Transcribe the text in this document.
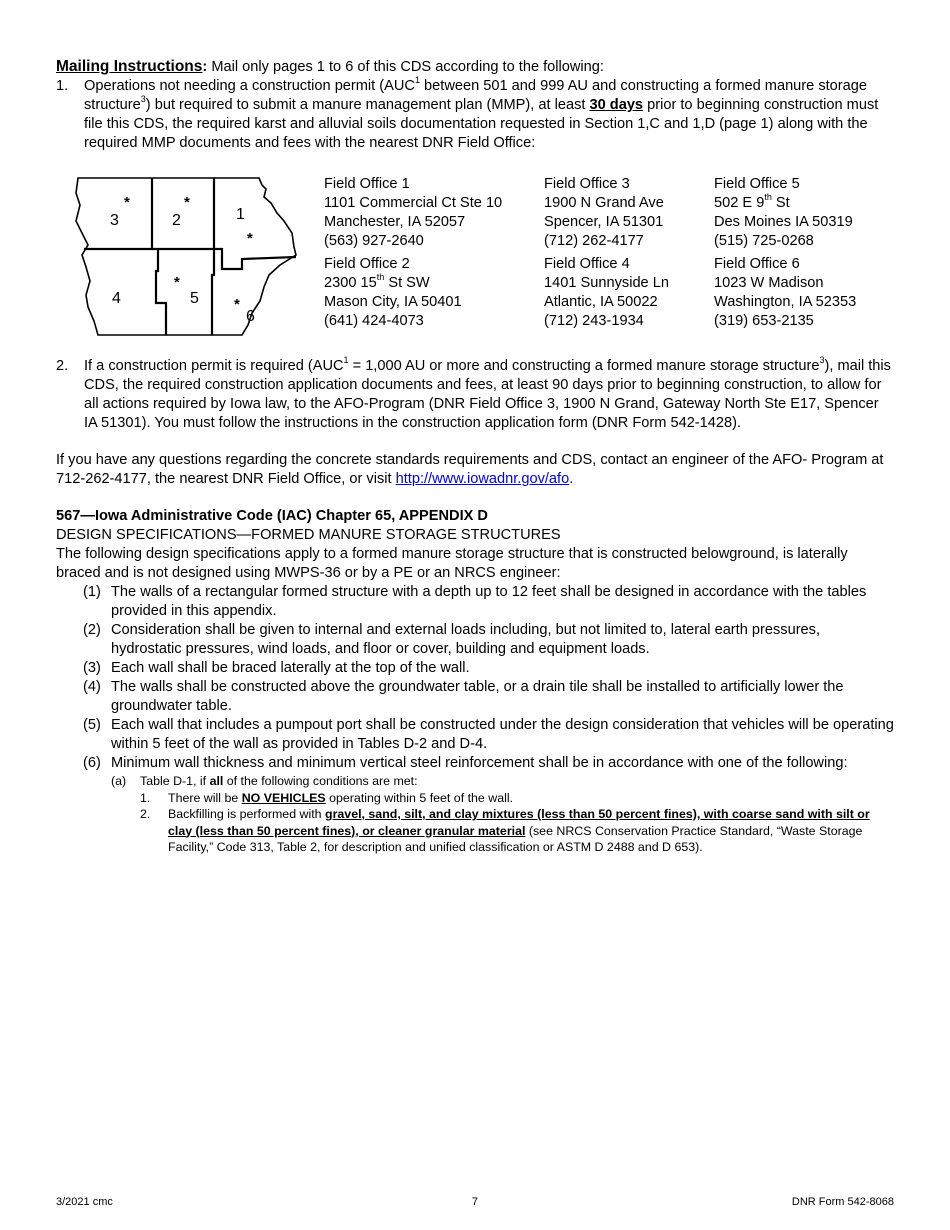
Mailing Instructions: Mail only pages 1 to 6 of this CDS according to the following:

1.	Operations not needing a construction permit (AUC$^1$ between 501 and 999 AU and constructing a formed manure storage structure$^3$) but required to submit a manure management plan (MMP), at least 30 days prior to beginning construction must file this CDS, the required karst and alluvial soils documentation requested in Section 1,C and 1,D (page 1) along with the required MMP documents and fees with the nearest DNR Field Office:
3	2	1
4	5
6
*	*
*
*
*
Field Office 1
1101 Commercial Ct Ste 10
Manchester, IA 52057
(563) 927-2640
Field Office 2
2300 15th St SW
Mason City, IA 50401
(641) 424-4073
Field Office 3
1900 N Grand Ave
Spencer, IA 51301
(712) 262-4177
Field Office 4
1401 Sunnyside Ln
Atlantic, IA 50022
(712) 243-1934
Field Office 5
502 E 9th St
Des Moines IA 50319
(515) 725-0268
Field Office 6
1023 W Madison
Washington, IA 52353
(319) 653-2135
2.	If a construction permit is required ($AUC^1 = 1,000$ AU or more and constructing a formed manure storage structure$^3$), mail this CDS, the required construction application documents and fees, at least 90 days prior to beginning construction, to allow for all actions required by Iowa law, to the AFO-Program (DNR Field Office 3, 1900 N Grand, Gateway North Ste E17, Spencer IA 51301). You must follow the instructions in the construction application form (DNR Form 542-1428).

If you have any questions regarding the concrete standards requirements and CDS, contact an engineer of the AFO- Program at 712-262-4177, the nearest DNR Field Office, or visit http://www.iowadnr.gov/afo.

567—Iowa Administrative Code (IAC) Chapter 65, APPENDIX D

DESIGN SPECIFICATIONS—FORMED MANURE STORAGE STRUCTURES

The following design specifications apply to a formed manure storage structure that is constructed belowground, is laterally braced and is not designed using MWPS-36 or by a PE or an NRCS engineer:

(1) The walls of a rectangular formed structure with a depth up to 12 feet shall be designed in accordance with the tables provided in this appendix.
(2) Consideration shall be given to internal and external loads including, but not limited to, lateral earth pressures, hydrostatic pressures, wind loads, and floor or cover, building and equipment loads.
(3) Each wall shall be braced laterally at the top of the wall.
(4) The walls shall be constructed above the groundwater table, or a drain tile shall be installed to artificially lower the groundwater table.
(5) Each wall that includes a pumpout port shall be constructed under the design consideration that vehicles will be operating within 5 feet of the wall as provided in Tables D-2 and D-4.
(6) Minimum wall thickness and minimum vertical steel reinforcement shall be in accordance with one of the following:
(a)	Table D-1, if all of the following conditions are met:
1.	There will be NO VEHICLES operating within 5 feet of the wall.
2.	Backfilling is performed with gravel, sand, silt, and clay mixtures (less than 50 percent fines), with coarse sand with silt or clay (less than 50 percent fines), or cleaner granular material (see NRCS Conservation Practice Standard, “Waste Storage Facility,” Code 313, Table 2, for description and unified classification or ASTM D 2488 and D 653).
3/2021 cmc	7	DNR Form 542-8068
